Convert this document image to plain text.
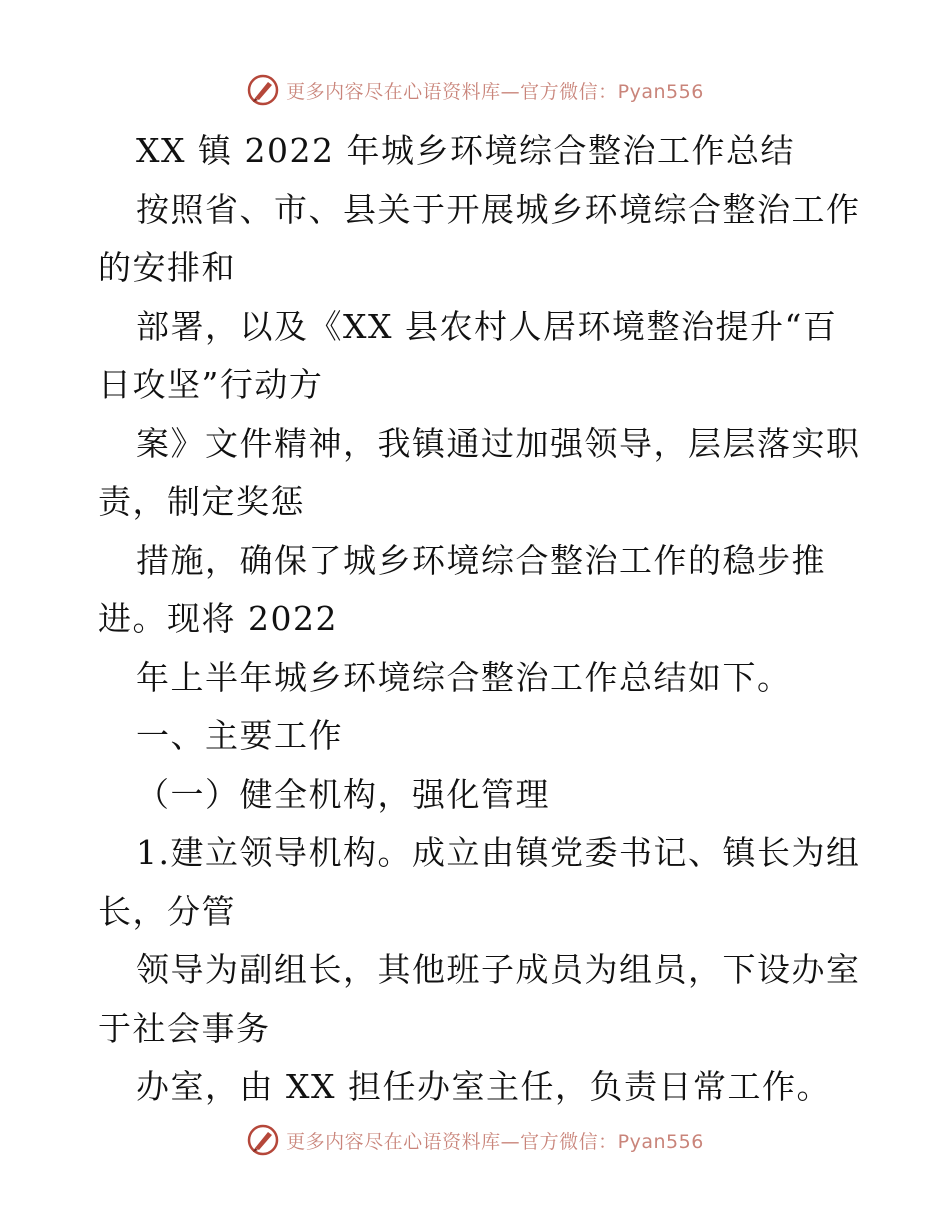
更多内容尽在心语资料库—官方微信：Pyan556
XX 镇 2022 年城乡环境综合整治工作总结
按照省、市、县关于开展城乡环境综合整治工作
的安排和
部署，以及《XX 县农村人居环境整治提升“百
日攻坚”行动方
案》文件精神，我镇通过加强领导，层层落实职
责，制定奖惩
措施，确保了城乡环境综合整治工作的稳步推
进。现将 2022
年上半年城乡环境综合整治工作总结如下。
一、主要工作
（一）健全机构，强化管理
1.建立领导机构。成立由镇党委书记、镇长为组
长，分管
领导为副组长，其他班子成员为组员，下设办室
于社会事务
办室，由 XX 担任办室主任，负责日常工作。
更多内容尽在心语资料库—官方微信：Pyan556
